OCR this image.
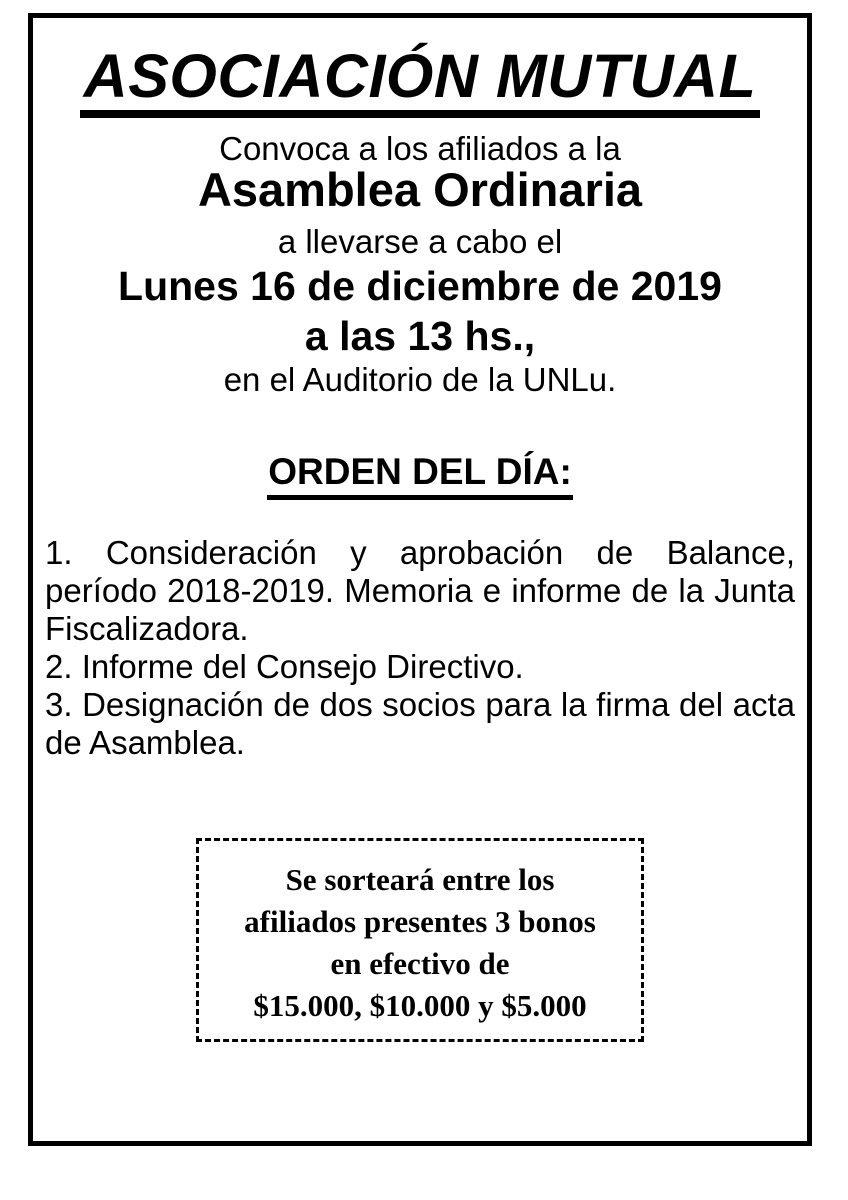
ASOCIACIÓN MUTUAL

Convoca a los afiliados a la

Asamblea Ordinaria

a llevarse a cabo el

Lunes 16 de diciembre de 2019

a las 13 hs.,

en el Auditorio de la UNLu.

ORDEN DEL DÍA:

1. Consideración y aprobación de Balance, período 2018-2019. Memoria e informe de la Junta Fiscalizadora.

2. Informe del Consejo Directivo.

3. Designación de dos socios para la firma del acta de Asamblea.

Se sorteará entre los

afiliados presentes 3 bonos

en efectivo de

$15.000, $10.000 y $5.000
